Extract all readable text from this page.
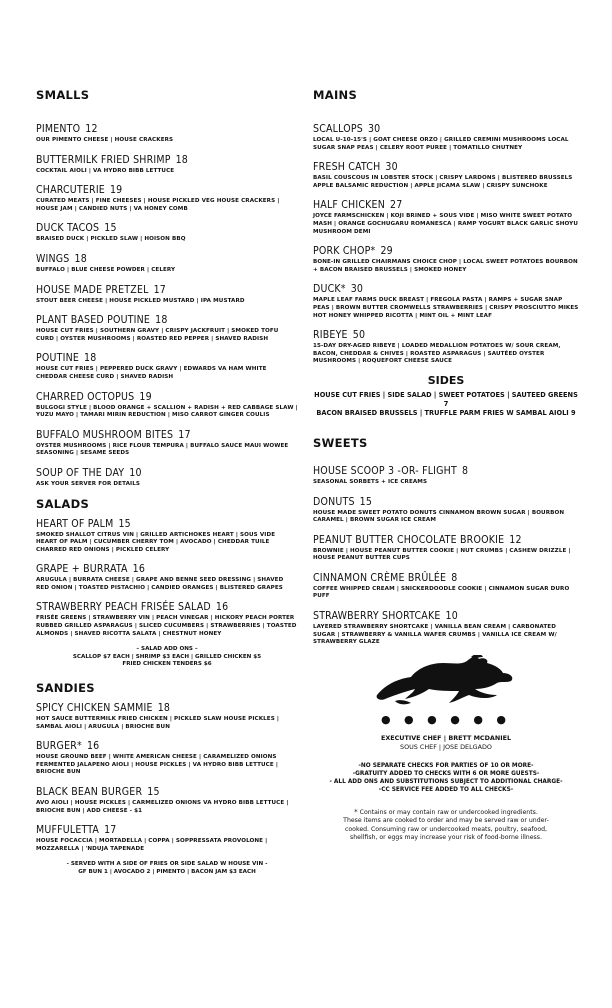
SMALLS
PIMENTO 12
OUR PIMENTO CHEESE | HOUSE CRACKERS
BUTTERMILK FRIED SHRIMP 18
COCKTAIL AIOLI | VA HYDRO BIBB LETTUCE
CHARCUTERIE 19
CURATED MEATS | FINE CHEESES | HOUSE PICKLED VEG HOUSE CRACKERS | HOUSE JAM | CANDIED NUTS | VA HONEY COMB
DUCK TACOS 15
BRAISED DUCK | PICKLED SLAW | HOISON BBQ
WINGS 18
BUFFALO | BLUE CHEESE POWDER | CELERY
HOUSE MADE PRETZEL 17
STOUT BEER CHEESE | HOUSE PICKLED MUSTARD | IPA MUSTARD
PLANT BASED POUTINE 18
HOUSE CUT FRIES | SOUTHERN GRAVY | CRISPY JACKFRUIT | SMOKED TOFU CURD | OYSTER MUSHROOMS | ROASTED RED PEPPER | SHAVED RADISH
POUTINE 18
HOUSE CUT FRIES | PEPPERED DUCK GRAVY | EDWARDS VA HAM WHITE CHEDDAR CHEESE CURD | SHAVED RADISH
CHARRED OCTOPUS 19
BULGOGI STYLE | BLOOD ORANGE + SCALLION + RADISH + RED CABBAGE SLAW | YUZU MAYO | TAMARI MIRIN REDUCTION | MISO CARROT GINGER COULIS
BUFFALO MUSHROOM BITES 17
OYSTER MUSHROOMS | RICE FLOUR TEMPURA | BUFFALO SAUCE MAUI WOWEE SEASONING | SESAME SEEDS
SOUP OF THE DAY 10
ASK YOUR SERVER FOR DETAILS
SALADS
HEART OF PALM 15
SMOKED SHALLOT CITRUS VIN | GRILLED ARTICHOKES HEART | SOUS VIDE HEART OF PALM | CUCUMBER CHERRY TOM | AVOCADO | CHEDDAR TUILE CHARRED RED ONIONS | PICKLED CELERY
GRAPE + BURRATA 16
ARUGULA | BURRATA CHEESE | GRAPE AND BENNE SEED DRESSING | SHAVED RED ONION | TOASTED PISTACHIO | CANDIED ORANGES | BLISTERED GRAPES
STRAWBERRY PEACH FRISÉE SALAD 16
FRISÉE GREENS | STRAWBERRY VIN | PEACH VINEGAR | HICKORY PEACH PORTER RUBBED GRILLED ASPARAGUS | SLICED CUCUMBERS | STRAWBERRIES | TOASTED ALMONDS | SHAVED RICOTTA SALATA | CHESTNUT HONEY
– SALAD ADD ONS –
SCALLOP $7 EACH | SHRIMP $3 EACH | GRILLED CHICKEN $5
FRIED CHICKEN TENDERS $6
SANDIES
SPICY CHICKEN SAMMIE 18
HOT SAUCE BUTTERMILK FRIED CHICKEN | PICKLED SLAW HOUSE PICKLES | SAMBAL AIOLI | ARUGULA | BRIOCHE BUN
BURGER* 16
HOUSE GROUND BEEF | WHITE AMERICAN CHEESE | CARAMELIZED ONIONS FERMENTED JALAPENO AIOLI | HOUSE PICKLES | VA HYDRO BIBB LETTUCE | BRIOCHE BUN
BLACK BEAN BURGER 15
AVO AIOLI | HOUSE PICKLES | CARMELIZED ONIONS VA HYDRO BIBB LETTUCE | BRIOCHE BUN | ADD CHEESE - $1
MUFFULETTA 17
HOUSE FOCACCIA | MORTADELLA | COPPA | SOPPRESSATA PROVOLONE | MOZZARELLA | 'NDUJA TAPENADE
- SERVED WITH A SIDE OF FRIES OR SIDE SALAD W HOUSE VIN -
GF BUN 1 | AVOCADO 2 | PIMENTO | BACON JAM $3 EACH
MAINS
SCALLOPS 30
LOCAL U-10-15'S | GOAT CHEESE ORZO | GRILLED CREMINI MUSHROOMS LOCAL SUGAR SNAP PEAS | CELERY ROOT PUREE | TOMATILLO CHUTNEY
FRESH CATCH 30
BASIL COUSCOUS IN LOBSTER STOCK | CRISPY LARDONS | BLISTERED BRUSSELS APPLE BALSAMIC REDUCTION | APPLE JICAMA SLAW | CRISPY SUNCHOKE
HALF CHICKEN 27
JOYCE FARMSCHICKEN | KOJI BRINED + SOUS VIDE | MISO WHITE SWEET POTATO MASH | ORANGE GOCHUGARU ROMANESCA | RAMP YOGURT BLACK GARLIC SHOYU MUSHROOM DEMI
PORK CHOP* 29
BONE-IN GRILLED CHAIRMANS CHOICE CHOP | LOCAL SWEET POTATOES BOURBON + BACON BRAISED BRUSSELS | SMOKED HONEY
DUCK* 30
MAPLE LEAF FARMS DUCK BREAST | FREGOLA PASTA | RAMPS + SUGAR SNAP PEAS | BROWN BUTTER CROMWELLS STRAWBERRIES | CRISPY PROSCIUTTO MIKES HOT HONEY WHIPPED RICOTTA | MINT OIL + MINT LEAF
RIBEYE 50
15-DAY DRY-AGED RIBEYE | LOADED MEDALLION POTATOES W/ SOUR CREAM, BACON, CHEDDAR & CHIVES | ROASTED ASPARAGUS | SAUTÉED OYSTER MUSHROOMS | ROQUEFORT CHEESE SAUCE
SIDES
HOUSE CUT FRIES | SIDE SALAD | SWEET POTATOES | SAUTEED GREENS 7
BACON BRAISED BRUSSELS | TRUFFLE PARM FRIES W SAMBAL AIOLI 9
SWEETS
HOUSE SCOOP 3 -OR- FLIGHT 8
SEASONAL SORBETS + ICE CREAMS
DONUTS 15
HOUSE MADE SWEET POTATO DONUTS CINNAMON BROWN SUGAR | BOURBON CARAMEL | BROWN SUGAR ICE CREAM
PEANUT BUTTER CHOCOLATE BROOKIE 12
BROWNIE | HOUSE PEANUT BUTTER COOKIE | NUT CRUMBS | CASHEW DRIZZLE | HOUSE PEANUT BUTTER CUPS
CINNAMON CRÈME BRÛLÉE 8
COFFEE WHIPPED CREAM | SNICKERDOODLE COOKIE | CINNAMON SUGAR DURO PUFF
STRAWBERRY SHORTCAKE 10
LAYERED STRAWBERRY SHORTCAKE | VANILLA BEAN CREAM | CARBONATED SUGAR | STRAWBERRY & VANILLA WAFER CRUMBS | VANILLA ICE CREAM W/ STRAWBERRY GLAZE
● ● ● ● ● ●
EXECUTIVE CHEF | BRETT MCDANIEL
SOUS CHEF | JOSE DELGADO
-NO SEPARATE CHECKS FOR PARTIES OF 10 OR MORE-
-GRATUITY ADDED TO CHECKS WITH 6 OR MORE GUESTS-
- ALL ADD ONS AND SUBSTITUTIONS SUBJECT TO ADDITIONAL CHARGE-
-CC SERVICE FEE ADDED TO ALL CHECKS-
* Contains or may contain raw or undercooked ingredients.
These items are cooked to order and may be served raw or under-
cooked. Consuming raw or undercooked meats, poultry, seafood,
shellfish, or eggs may increase your risk of food-borne illness.
